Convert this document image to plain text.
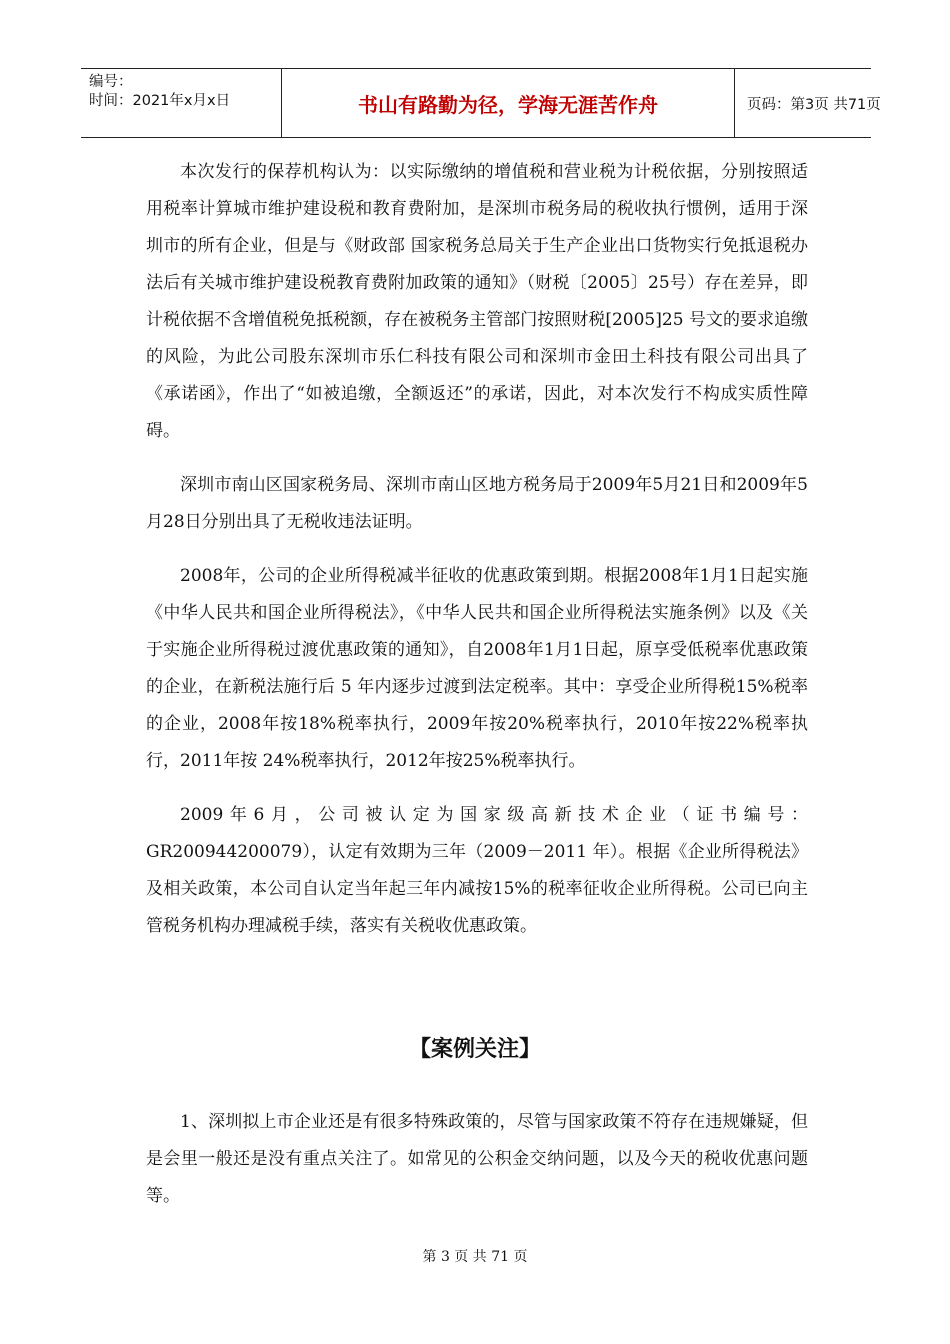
编号：
时间：2021年x月x日	书山有路勤为径，学海无涯苦作舟	页码：第3页 共71页

本次发行的保荐机构认为：以实际缴纳的增值税和营业税为计税依据，分别按照适用税率计算城市维护建设税和教育费附加，是深圳市税务局的税收执行惯例，适用于深圳市的所有企业，但是与《财政部 国家税务总局关于生产企业出口货物实行免抵退税办法后有关城市维护建设税教育费附加政策的通知》（财税〔2005〕25号）存在差异，即计税依据不含增值税免抵税额，存在被税务主管部门按照财税[2005]25 号文的要求追缴的风险，为此公司股东深圳市乐仁科技有限公司和深圳市金田土科技有限公司出具了《承诺函》，作出了“如被追缴，全额返还”的承诺，因此，对本次发行不构成实质性障碍。

深圳市南山区国家税务局、深圳市南山区地方税务局于2009年5月21日和2009年5月28日分别出具了无税收违法证明。

2008年，公司的企业所得税减半征收的优惠政策到期。根据2008年1月1日起实施《中华人民共和国企业所得税法》，《中华人民共和国企业所得税法实施条例》以及《关于实施企业所得税过渡优惠政策的通知》，自2008年1月1日起，原享受低税率优惠政策的企业，在新税法施行后 5 年内逐步过渡到法定税率。其中：享受企业所得税15%税率的企业，2008年按18%税率执行，2009年按20%税率执行，2010年按22%税率执行，2011年按 24%税率执行，2012年按25%税率执行。

2009年6月，公司被认定为国家级高新技术企业（证书编号：GR200944200079），认定有效期为三年（2009－2011 年）。根据《企业所得税法》及相关政策，本公司自认定当年起三年内减按15%的税率征收企业所得税。公司已向主管税务机构办理减税手续，落实有关税收优惠政策。

【案例关注】

1、深圳拟上市企业还是有很多特殊政策的，尽管与国家政策不符存在违规嫌疑，但是会里一般还是没有重点关注了。如常见的公积金交纳问题，以及今天的税收优惠问题等。

第 3 页 共 71 页
